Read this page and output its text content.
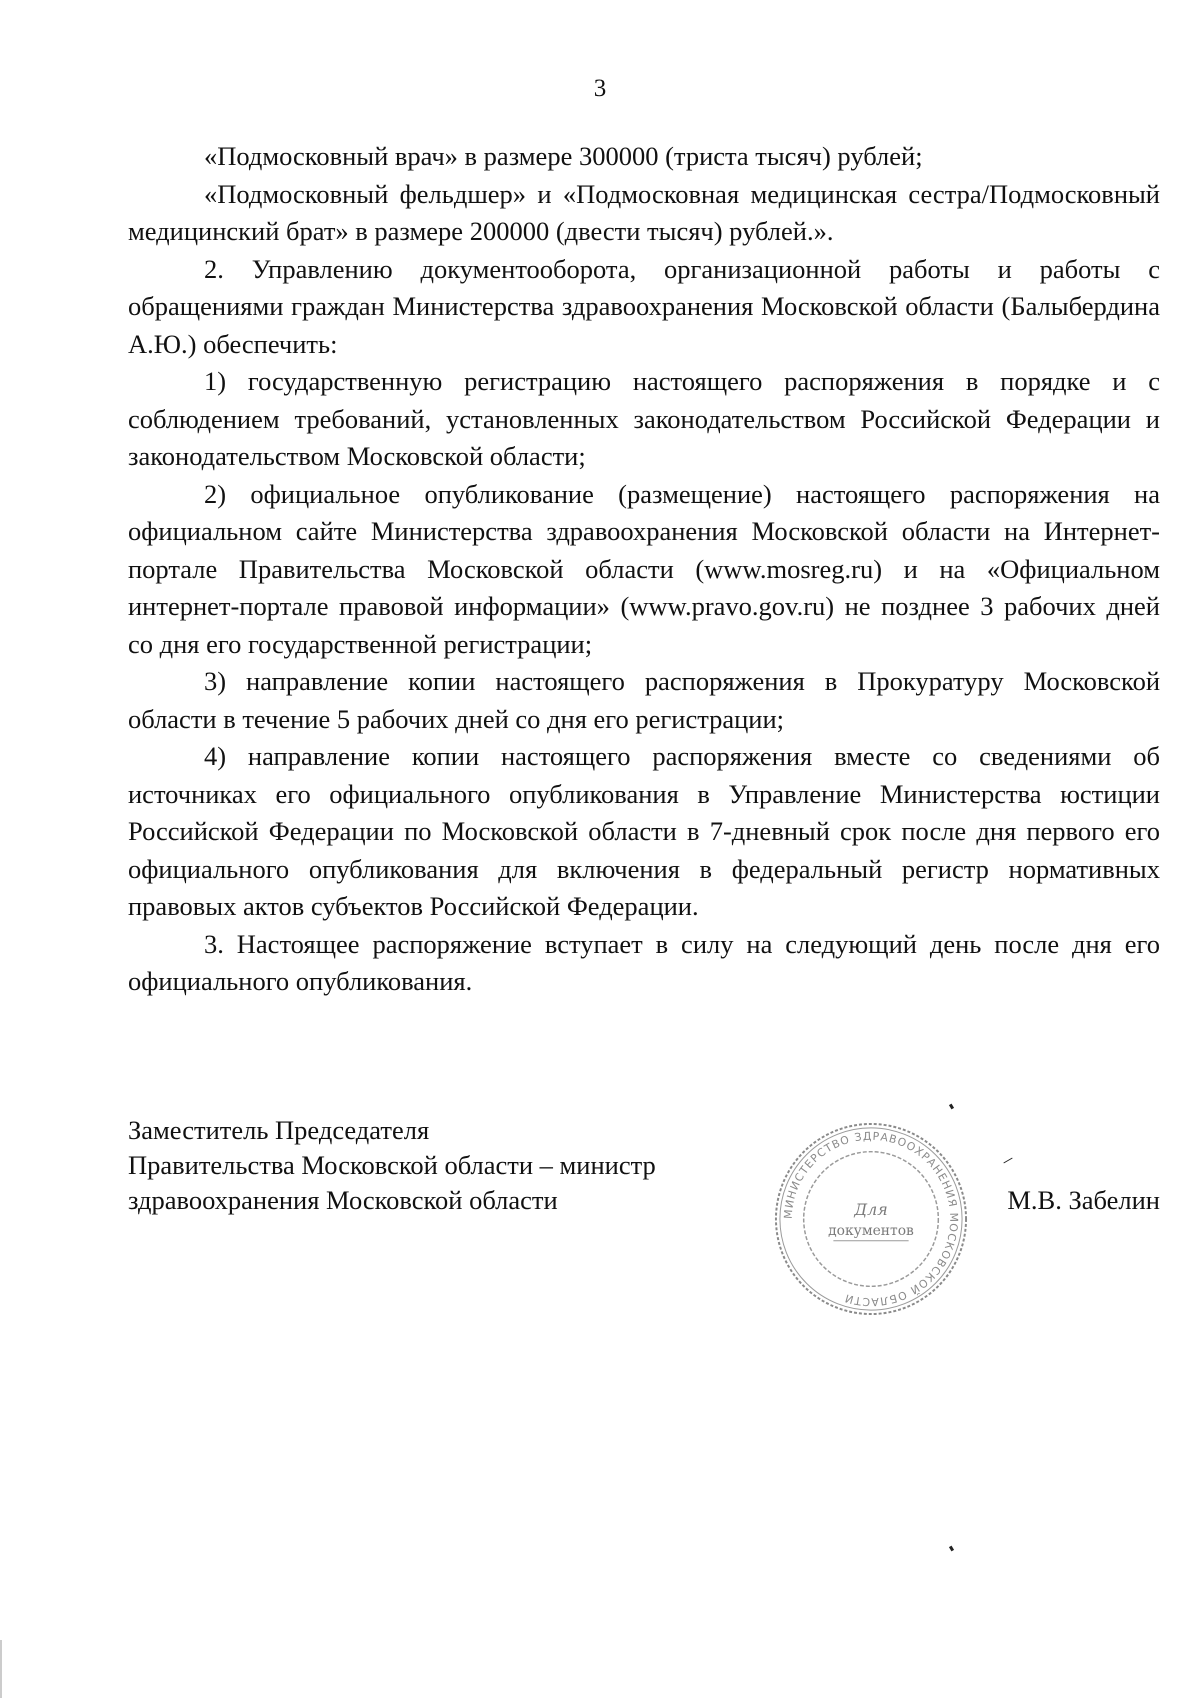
3

«Подмосковный врач» в размере 300000 (триста тысяч) рублей;

«Подмосковный фельдшер» и «Подмосковная медицинская сестра/Подмосковный медицинский брат» в размере 200000 (двести тысяч) рублей.».

2. Управлению документооборота, организационной работы и работы с обращениями граждан Министерства здравоохранения Московской области (Балыбердина А.Ю.) обеспечить:

1) государственную регистрацию настоящего распоряжения в порядке и с соблюдением требований, установленных законодательством Российской Федерации и законодательством Московской области;

2) официальное опубликование (размещение) настоящего распоряжения на официальном сайте Министерства здравоохранения Московской области на Интернет-портале Правительства Московской области (www.mosreg.ru) и на «Официальном интернет-портале правовой информации» (www.pravo.gov.ru) не позднее 3 рабочих дней со дня его государственной регистрации;

3) направление копии настоящего распоряжения в Прокуратуру Московской области в течение 5 рабочих дней со дня его регистрации;

4) направление копии настоящего распоряжения вместе со сведениями об источниках его официального опубликования в Управление Министерства юстиции Российской Федерации по Московской области в 7-дневный срок после дня первого его официального опубликования для включения в федеральный регистр нормативных правовых актов субъектов Российской Федерации.

3. Настоящее распоряжение вступает в силу на следующий день после дня его официального опубликования.

Заместитель Председателя
Правительства Московской области – министр
здравоохранения Московской области	МИНИСТЕРСТВО ЗДРАВООХРАНЕНИЯ МОСКОВСКОЙ ОБЛАСТИ
Для
документов
М.В. Забелин
